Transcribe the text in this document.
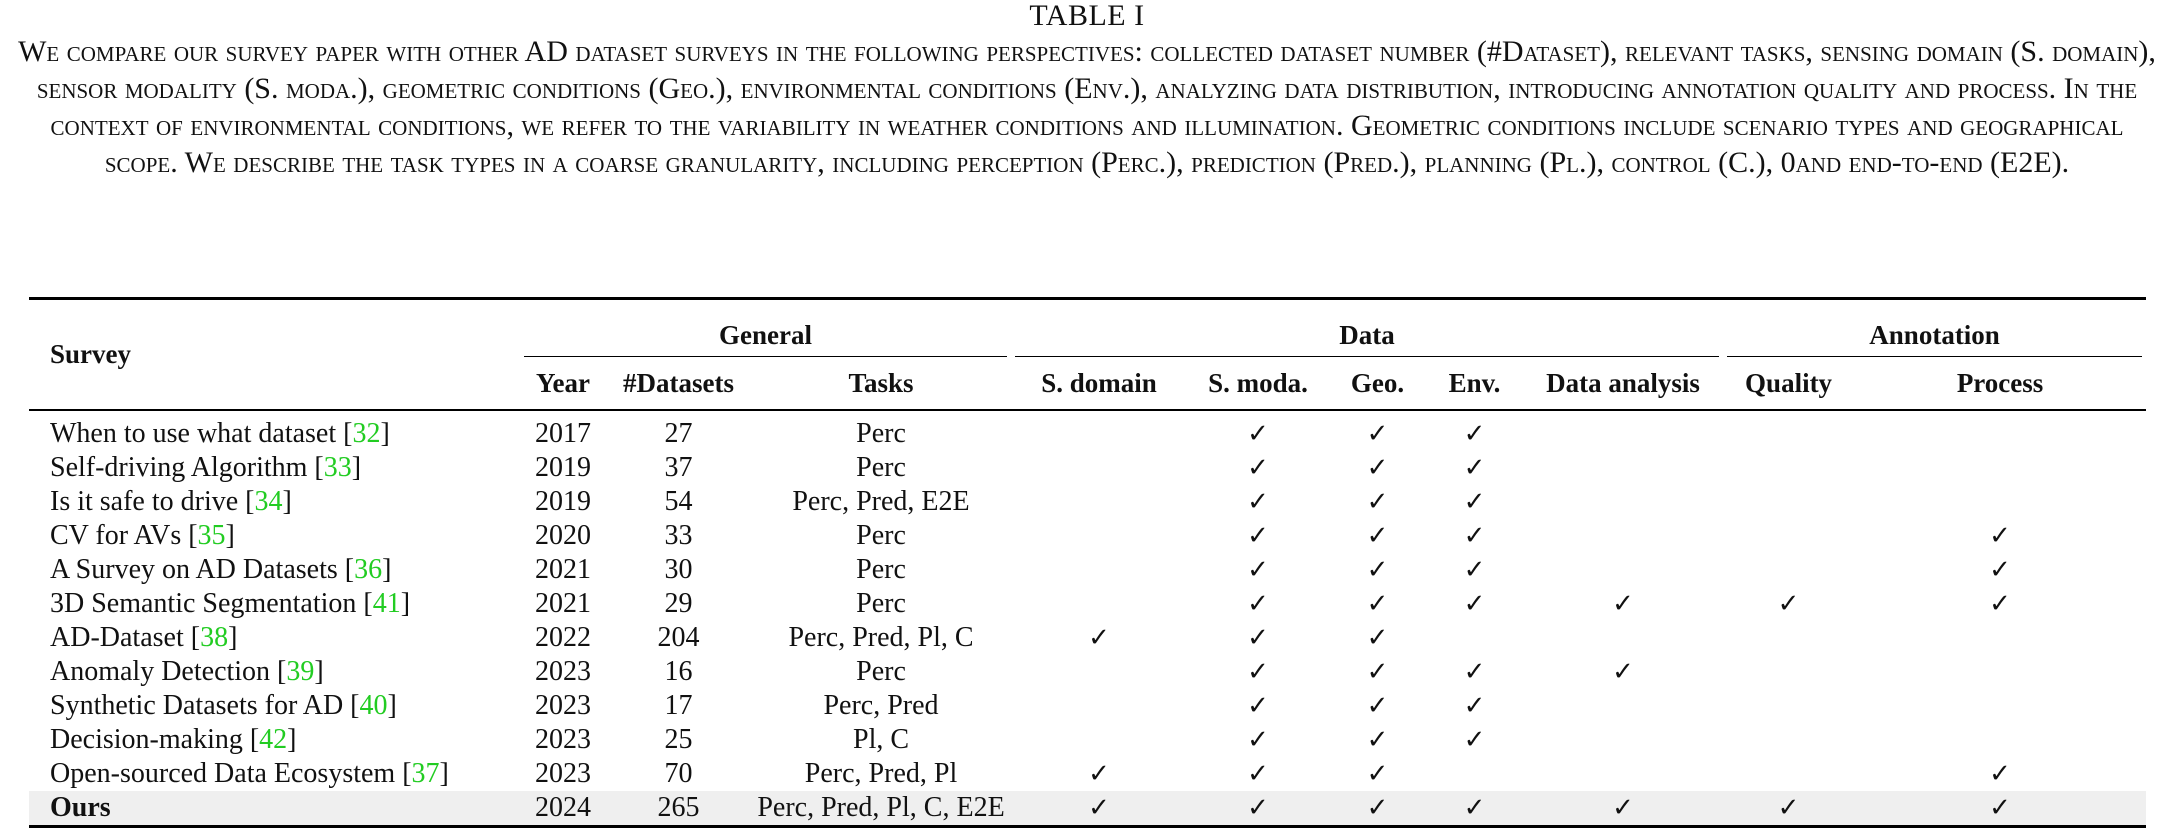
TABLE I
We compare our survey paper with other AD dataset surveys in the following perspectives: collected dataset number (#Dataset), relevant tasks, sensing domain (S. domain), sensor modality (S. moda.), geometric conditions (Geo.), environmental conditions (Env.), analyzing data distribution, introducing annotation quality and process. In the context of environmental conditions, we refer to the variability in weather conditions and illumination. Geometric conditions include scenario types and geographical scope. We describe the task types in a coarse granularity, including perception (Perc.), prediction (Pred.), planning (Pl.), control (C.), 0and end-to-end (E2E).
Survey	General			Data					Annotation	
	Year	#Datasets	Tasks	S. domain	S. moda.	Geo.	Env.	Data analysis	Quality	Process
When to use what dataset [32]	2017	27	Perc		✓	✓	✓			
Self-driving Algorithm [33]	2019	37	Perc		✓	✓	✓			
Is it safe to drive [34]	2019	54	Perc, Pred, E2E		✓	✓	✓			
CV for AVs [35]	2020	33	Perc		✓	✓	✓			✓
A Survey on AD Datasets [36]	2021	30	Perc		✓	✓	✓			✓
3D Semantic Segmentation [41]	2021	29	Perc		✓	✓	✓	✓	✓	✓
AD-Dataset [38]	2022	204	Perc, Pred, Pl, C	✓	✓	✓				
Anomaly Detection [39]	2023	16	Perc		✓	✓	✓	✓		
Synthetic Datasets for AD [40]	2023	17	Perc, Pred		✓	✓	✓			
Decision-making [42]	2023	25	Pl, C		✓	✓	✓			
Open-sourced Data Ecosystem [37]	2023	70	Perc, Pred, Pl	✓	✓	✓				✓
Ours	2024	265	Perc, Pred, Pl, C, E2E	✓	✓	✓	✓	✓	✓	✓
